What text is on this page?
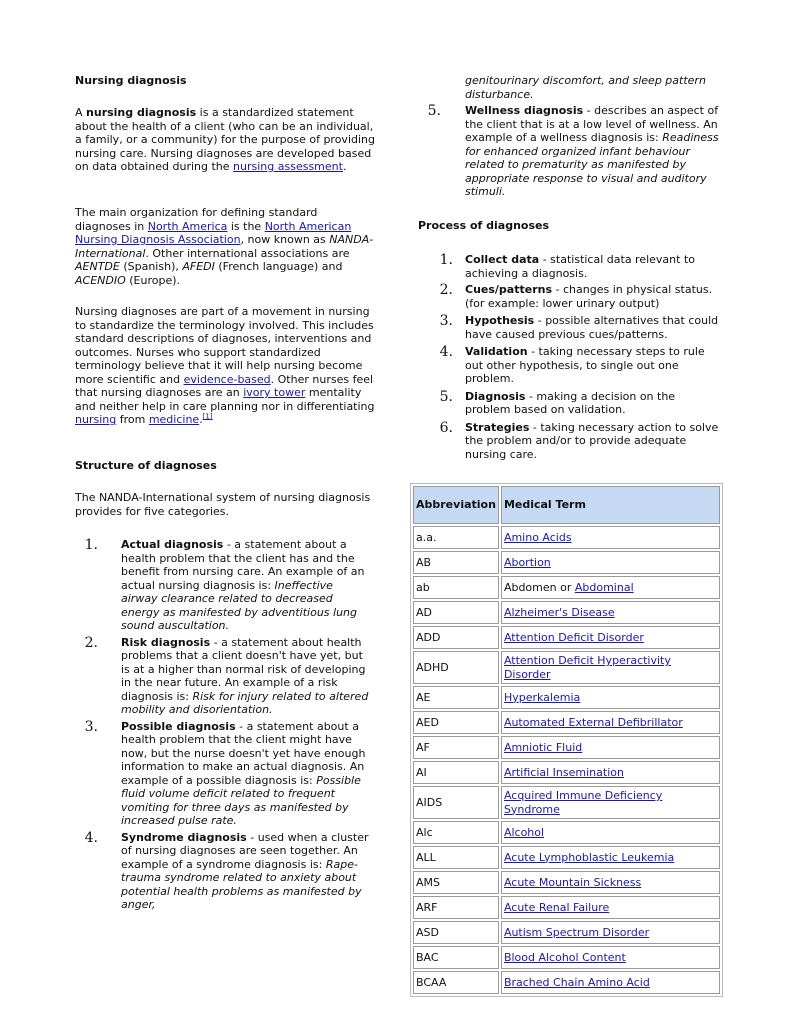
Nursing diagnosis

A nursing diagnosis is a standardized statement about the health of a client (who can be an individual, a family, or a community) for the purpose of providing nursing care. Nursing diagnoses are developed based on data obtained during the nursing assessment.

The main organization for defining standard diagnoses in North America is the North American Nursing Diagnosis Association, now known as NANDA-International. Other international associations are AENTDE (Spanish), AFEDI (French language) and ACENDIO (Europe).

Nursing diagnoses are part of a movement in nursing to standardize the terminology involved. This includes standard descriptions of diagnoses, interventions and outcomes. Nurses who support standardized terminology believe that it will help nursing become more scientific and evidence-based. Other nurses feel that nursing diagnoses are an ivory tower mentality and neither help in care planning nor in differentiating nursing from medicine.[1]

Structure of diagnoses

The NANDA-International system of nursing diagnosis provides for five categories.

1. Actual diagnosis - a statement about a health problem that the client has and the benefit from nursing care. An example of an actual nursing diagnosis is: Ineffective airway clearance related to decreased energy as manifested by adventitious lung sound auscultation.
2. Risk diagnosis - a statement about health problems that a client doesn't have yet, but is at a higher than normal risk of developing in the near future. An example of a risk diagnosis is: Risk for injury related to altered mobility and disorientation.
3. Possible diagnosis - a statement about a health problem that the client might have now, but the nurse doesn't yet have enough information to make an actual diagnosis. An example of a possible diagnosis is: Possible fluid volume deficit related to frequent vomiting for three days as manifested by increased pulse rate.
4. Syndrome diagnosis - used when a cluster of nursing diagnoses are seen together. An example of a syndrome diagnosis is: Rape-trauma syndrome related to anxiety about potential health problems as manifested by anger,

genitourinary discomfort, and sleep pattern disturbance.

5. Wellness diagnosis - describes an aspect of the client that is at a low level of wellness. An example of a wellness diagnosis is: Readiness for enhanced organized infant behaviour related to prematurity as manifested by appropriate response to visual and auditory stimuli.
Process of diagnoses
1. Collect data - statistical data relevant to achieving a diagnosis.
2. Cues/patterns - changes in physical status. (for example: lower urinary output)
3. Hypothesis - possible alternatives that could have caused previous cues/patterns.
4. Validation - taking necessary steps to rule out other hypothesis, to single out one problem.
5. Diagnosis - making a decision on the problem based on validation.
6. Strategies - taking necessary action to solve the problem and/or to provide adequate nursing care.
Abbreviation	Medical Term
a.a.	Amino Acids
AB	Abortion
ab	Abdomen or Abdominal
AD	Alzheimer's Disease
ADD	Attention Deficit Disorder
ADHD	Attention Deficit Hyperactivity Disorder
AE	Hyperkalemia
AED	Automated External Defibrillator
AF	Amniotic Fluid
AI	Artificial Insemination
AIDS	Acquired Immune Deficiency Syndrome
Alc	Alcohol
ALL	Acute Lymphoblastic Leukemia
AMS	Acute Mountain Sickness
ARF	Acute Renal Failure
ASD	Autism Spectrum Disorder
BAC	Blood Alcohol Content
BCAA	Brached Chain Amino Acid
